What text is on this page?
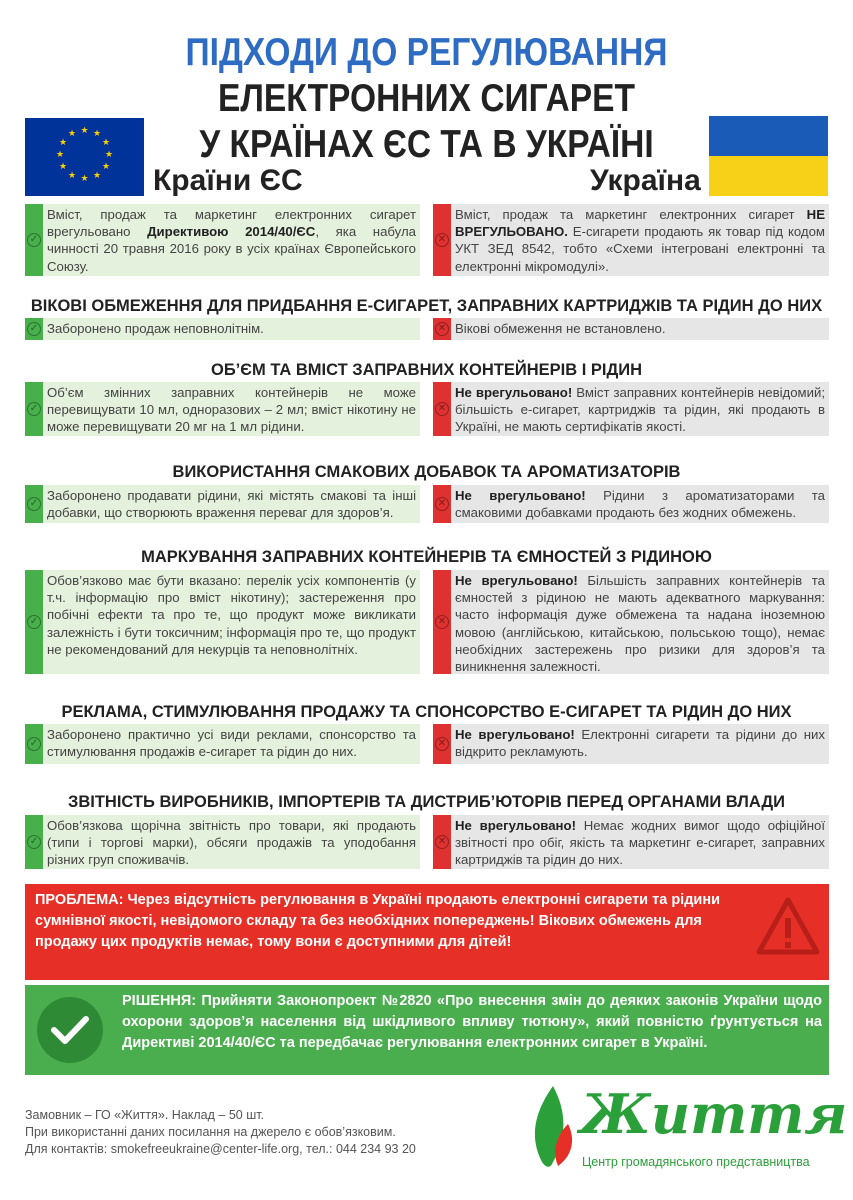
ПІДХОДИ ДО РЕГУЛЮВАННЯ ЕЛЕКТРОННИХ СИГАРЕТ
У КРАЇНАХ ЄС ТА В УКРАЇНІ
★ ★
★
★
★
★
★
★
★
★
★
★
Країни ЄС	Україна
✓
Вміст, продаж та маркетинг електронних сигарет врегульовано Директивою 2014/40/ЄС, яка набула чинності 20 травня 2016 року в усіх країнах Європейського Союзу.
✕
Вміст, продаж та маркетинг електронних сигарет НЕ ВРЕГУЛЬОВАНО. Е-сигарети продають як товар під кодом УКТ ЗЕД 8542, тобто «Схеми інтегровані електронні та електронні мікромодулі».
ВІКОВІ ОБМЕЖЕННЯ ДЛЯ ПРИДБАННЯ Е-СИГАРЕТ, ЗАПРАВНИХ КАРТРИДЖІВ ТА РІДИН ДО НИХ
✓ Заборонено продаж неповнолітнім.	✕ Вікові обмеження не встановлено.
ОБ’ЄМ ТА ВМІСТ ЗАПРАВНИХ КОНТЕЙНЕРІВ І РІДИН
✓
Об’єм змінних заправних контейнерів не може перевищувати 10 мл, одноразових – 2 мл; вміст нікотину не може перевищувати 20 мг на 1 мл рідини.
✕
Не врегульовано! Вміст заправних контейнерів невідомий; більшість е-сигарет, картриджів та рідин, які продають в Україні, не мають сертифікатів якості.
ВИКОРИСТАННЯ СМАКОВИХ ДОБАВОК ТА АРОМАТИЗАТОРІВ
✓
Заборонено продавати рідини, які містять смакові та інші добавки, що створюють враження переваг для здоров’я.
✕
Не врегульовано! Рідини з ароматизаторами та смаковими добавками продають без жодних обмежень.
МАРКУВАННЯ ЗАПРАВНИХ КОНТЕЙНЕРІВ ТА ЄМНОСТЕЙ З РІДИНОЮ
✓
Обов’язково має бути вказано: перелік усіх компонентів (у т.ч. інформацію про вміст нікотину); застереження про побічні ефекти та про те, що продукт може викликати залежність і бути токсичним; інформація про те, що продукт не рекомендований для некурців та неповнолітніх.
✕
Не врегульовано! Більшість заправних контейнерів та ємностей з рідиною не мають адекватного маркування: часто інформація дуже обмежена та надана іноземною мовою (англійською, китайською, польською тощо), немає необхідних застережень про ризики для здоров’я та виникнення залежності.
РЕКЛАМА, СТИМУЛЮВАННЯ ПРОДАЖУ ТА СПОНСОРСТВО Е-СИГАРЕТ ТА РІДИН ДО НИХ
✓
Заборонено практично усі види реклами, спонсорство та стимулювання продажів е-сигарет та рідин до них.
✕
Не врегульовано! Електронні сигарети та рідини до них відкрито рекламують.
ЗВІТНІСТЬ ВИРОБНИКІВ, ІМПОРТЕРІВ ТА ДИСТРИБ’ЮТОРІВ ПЕРЕД ОРГАНАМИ ВЛАДИ
✓
Обов’язкова щорічна звітність про товари, які продають (типи і торгові марки), обсяги продажів та уподобання різних груп споживачів.
✕
Не врегульовано! Немає жодних вимог щодо офіційної звітності про обіг, якість та маркетинг е-сигарет, заправних картриджів та рідин до них.
ПРОБЛЕМА: Через відсутність регулювання в Україні продають електронні сигарети та рідини сумнівної якості, невідомого складу та без необхідних попереджень! Вікових обмежень для продажу цих продуктів немає, тому вони є доступними для дітей!
РІШЕННЯ: Прийняти Законопроект №2820 «Про внесення змін до деяких законів України щодо охорони здоров’я населення від шкідливого впливу тютюну», який повністю ґрунтується на Директиві 2014/40/ЄС та передбачає регулювання електронних сигарет в Україні.
Замовник – ГО «Життя». Наклад – 50 шт.
При використанні даних посилання на джерело є обов’язковим.
Для контактів: smokefreeukraine@center-life.org, тел.: 044 234 93 20
Життя
Центр громадянського представництва
